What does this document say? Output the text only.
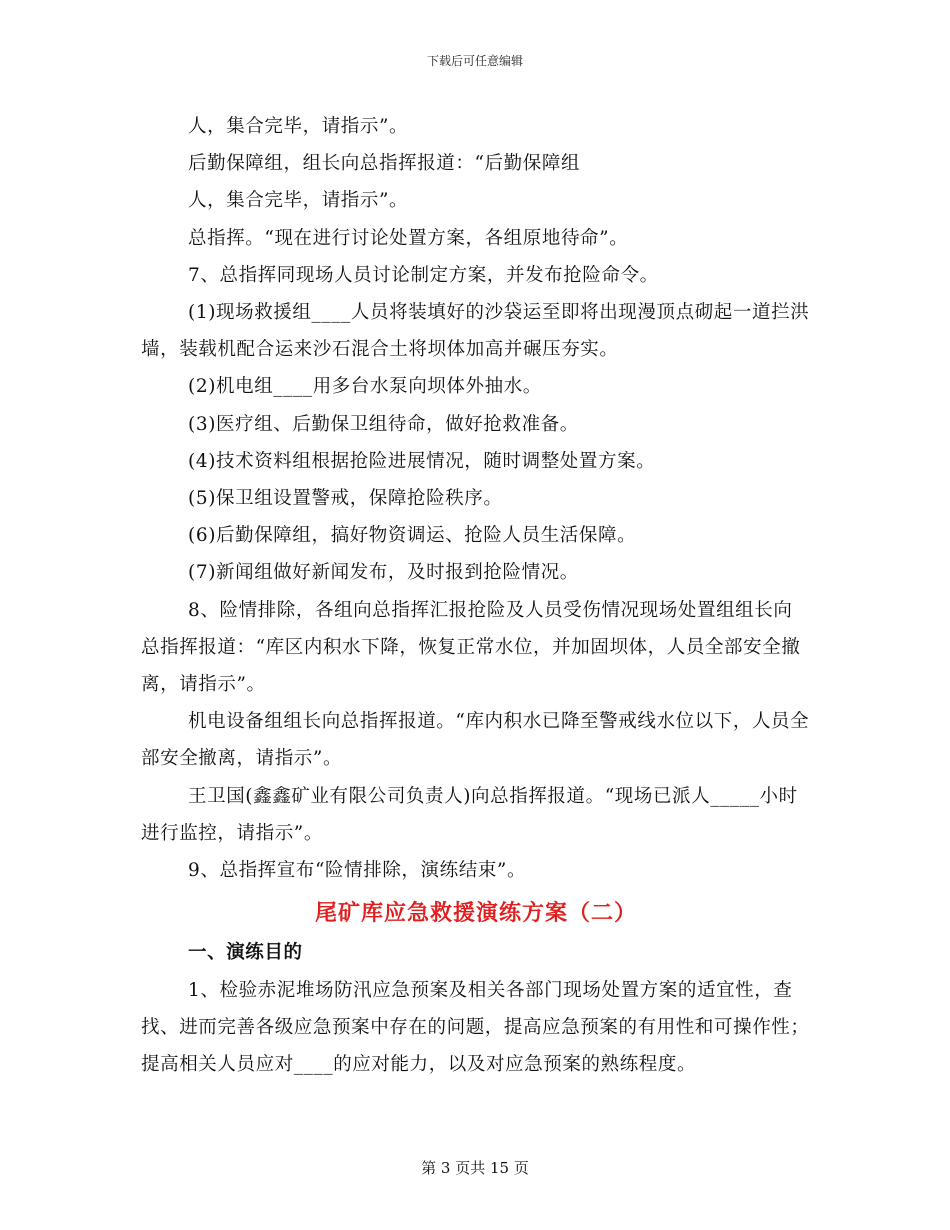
下载后可任意编辑

人，集合完毕，请指示”。

后勤保障组，组长向总指挥报道：“后勤保障组

人，集合完毕，请指示”。

总指挥。“现在进行讨论处置方案，各组原地待命”。

7、总指挥同现场人员讨论制定方案，并发布抢险命令。

(1)现场救援组____人员将装填好的沙袋运至即将出现漫顶点砌起一道拦洪墙，装载机配合运来沙石混合土将坝体加高并碾压夯实。

(2)机电组____用多台水泵向坝体外抽水。

(3)医疗组、后勤保卫组待命，做好抢救准备。

(4)技术资料组根据抢险进展情况，随时调整处置方案。

(5)保卫组设置警戒，保障抢险秩序。

(6)后勤保障组，搞好物资调运、抢险人员生活保障。

(7)新闻组做好新闻发布，及时报到抢险情况。

8、险情排除，各组向总指挥汇报抢险及人员受伤情况现场处置组组长向总指挥报道：“库区内积水下降，恢复正常水位，并加固坝体，人员全部安全撤离，请指示”。

机电设备组组长向总指挥报道。“库内积水已降至警戒线水位以下，人员全部安全撤离，请指示”。

王卫国(鑫鑫矿业有限公司负责人)向总指挥报道。“现场已派人_____小时进行监控，请指示”。

9、总指挥宣布“险情排除，演练结束”。

尾矿库应急救援演练方案（二）

一、演练目的

1、检验赤泥堆场防汛应急预案及相关各部门现场处置方案的适宜性，查找、进而完善各级应急预案中存在的问题，提高应急预案的有用性和可操作性；提高相关人员应对____的应对能力，以及对应急预案的熟练程度。

第 3 页共 15 页
